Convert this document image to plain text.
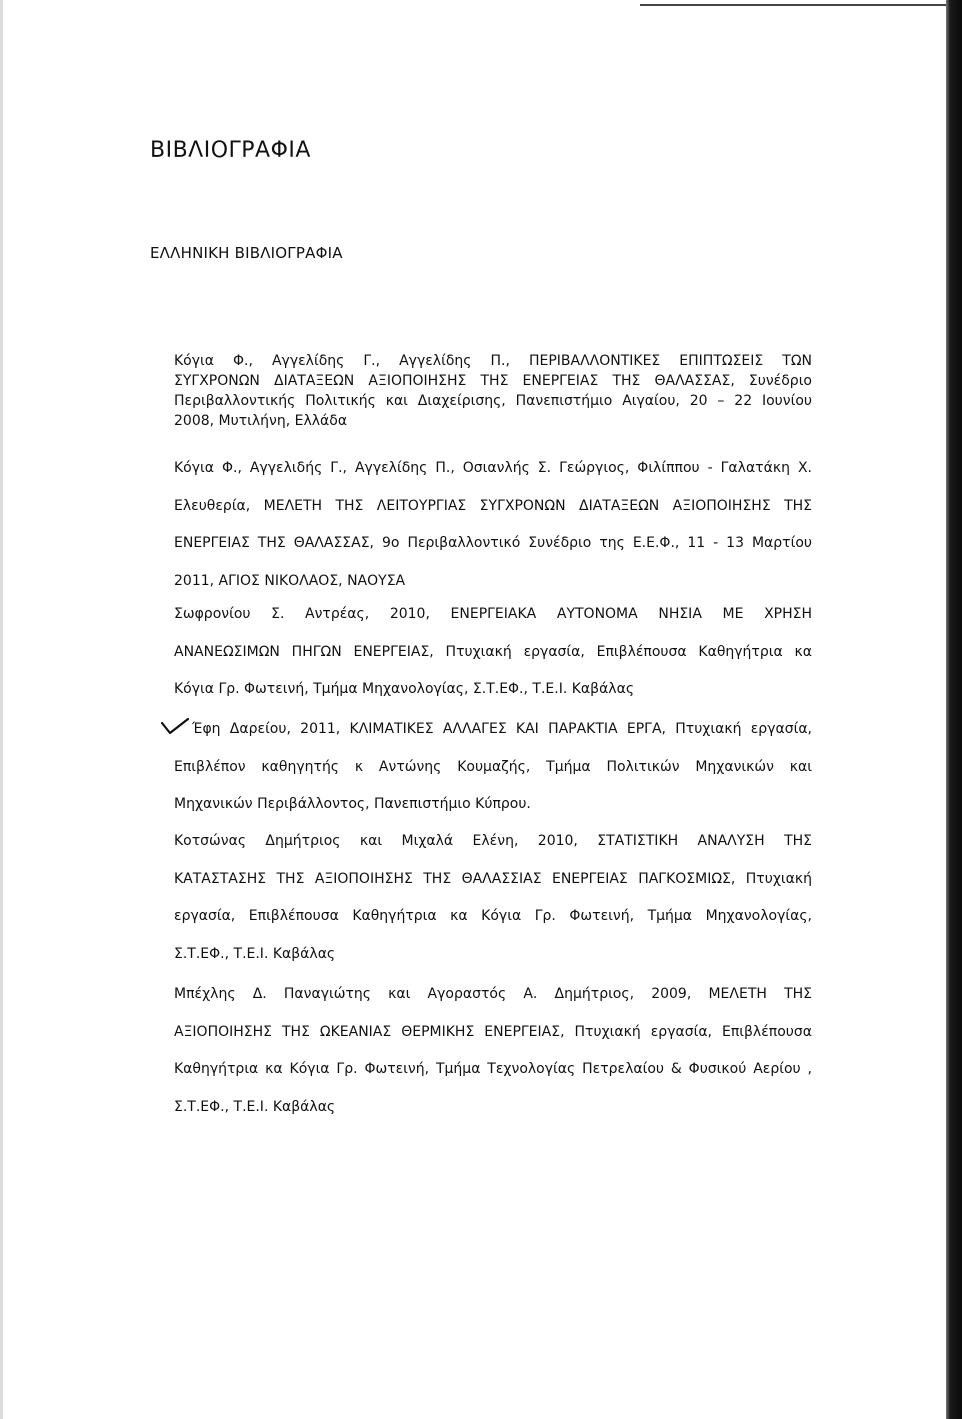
ΒΙΒΛΙΟΓΡΑΦΙΑ
ΕΛΛΗΝΙΚΗ ΒΙΒΛΙΟΓΡΑΦΙΑ

Κόγια Φ., Αγγελίδης Γ., Αγγελίδης Π., ΠΕΡΙΒΑΛΛΟΝΤΙΚΕΣ ΕΠΙΠΤΩΣΕΙΣ ΤΩΝ
ΣΥΓΧΡΟΝΩΝ ΔΙΑΤΑΞΕΩΝ ΑΞΙΟΠΟΙΗΣΗΣ ΤΗΣ ΕΝΕΡΓΕΙΑΣ ΤΗΣ ΘΑΛΑΣΣΑΣ, Συνέδριο
Περιβαλλοντικής Πολιτικής και Διαχείρισης, Πανεπιστήμιο Αιγαίου, 20 – 22 Ιουνίου
2008, Μυτιλήνη, Ελλάδα

Κόγια Φ., Αγγελιδής Γ., Αγγελίδης Π., Οσιανλής Σ. Γεώργιος, Φιλίππου - Γαλατάκη Χ.
Ελευθερία, ΜΕΛΕΤΗ ΤΗΣ ΛΕΙΤΟΥΡΓΙΑΣ ΣΥΓΧΡΟΝΩΝ ΔΙΑΤΑΞΕΩΝ ΑΞΙΟΠΟΙΗΣΗΣ ΤΗΣ
ΕΝΕΡΓΕΙΑΣ ΤΗΣ ΘΑΛΑΣΣΑΣ, 9ο Περιβαλλοντικό Συνέδριο της Ε.Ε.Φ., 11 - 13 Μαρτίου
2011, ΑΓΙΟΣ ΝΙΚΟΛΑΟΣ, ΝΑΟΥΣΑ

Σωφρονίου Σ. Αντρέας, 2010, ΕΝΕΡΓΕΙΑΚΑ ΑΥΤΟΝΟΜΑ ΝΗΣΙΑ ΜΕ ΧΡΗΣΗ
ΑΝΑΝΕΩΣΙΜΩΝ ΠΗΓΩΝ ΕΝΕΡΓΕΙΑΣ, Πτυχιακή εργασία, Επιβλέπουσα Καθηγήτρια κα
Κόγια Γρ. Φωτεινή, Τμήμα Μηχανολογίας, Σ.Τ.ΕΦ., Τ.Ε.Ι. Καβάλας

Έφη Δαρείου, 2011, ΚΛΙΜΑΤΙΚΕΣ ΑΛΛΑΓΕΣ ΚΑΙ ΠΑΡΑΚΤΙΑ ΕΡΓΑ, Πτυχιακή εργασία,
Επιβλέπον καθηγητής κ Αντώνης Κουμαζής, Τμήμα Πολιτικών Μηχανικών και
Μηχανικών Περιβάλλοντος, Πανεπιστήμιο Κύπρου.

Κοτσώνας Δημήτριος και Μιχαλά Ελένη, 2010, ΣΤΑΤΙΣΤΙΚΗ ΑΝΑΛΥΣΗ ΤΗΣ
ΚΑΤΑΣΤΑΣΗΣ ΤΗΣ ΑΞΙΟΠΟΙΗΣΗΣ ΤΗΣ ΘΑΛΑΣΣΙΑΣ ΕΝΕΡΓΕΙΑΣ ΠΑΓΚΟΣΜΙΩΣ, Πτυχιακή
εργασία, Επιβλέπουσα Καθηγήτρια κα Κόγια Γρ. Φωτεινή, Τμήμα Μηχανολογίας,
Σ.Τ.ΕΦ., Τ.Ε.Ι. Καβάλας

Μπέχλης Δ. Παναγιώτης και Αγοραστός Α. Δημήτριος, 2009, ΜΕΛΕΤΗ ΤΗΣ
ΑΞΙΟΠΟΙΗΣΗΣ ΤΗΣ ΩΚΕΑΝΙΑΣ ΘΕΡΜΙΚΗΣ ΕΝΕΡΓΕΙΑΣ, Πτυχιακή εργασία, Επιβλέπουσα
Καθηγήτρια κα Κόγια Γρ. Φωτεινή, Τμήμα Τεχνολογίας Πετρελαίου & Φυσικού Αερίου ,
Σ.Τ.ΕΦ., Τ.Ε.Ι. Καβάλας
